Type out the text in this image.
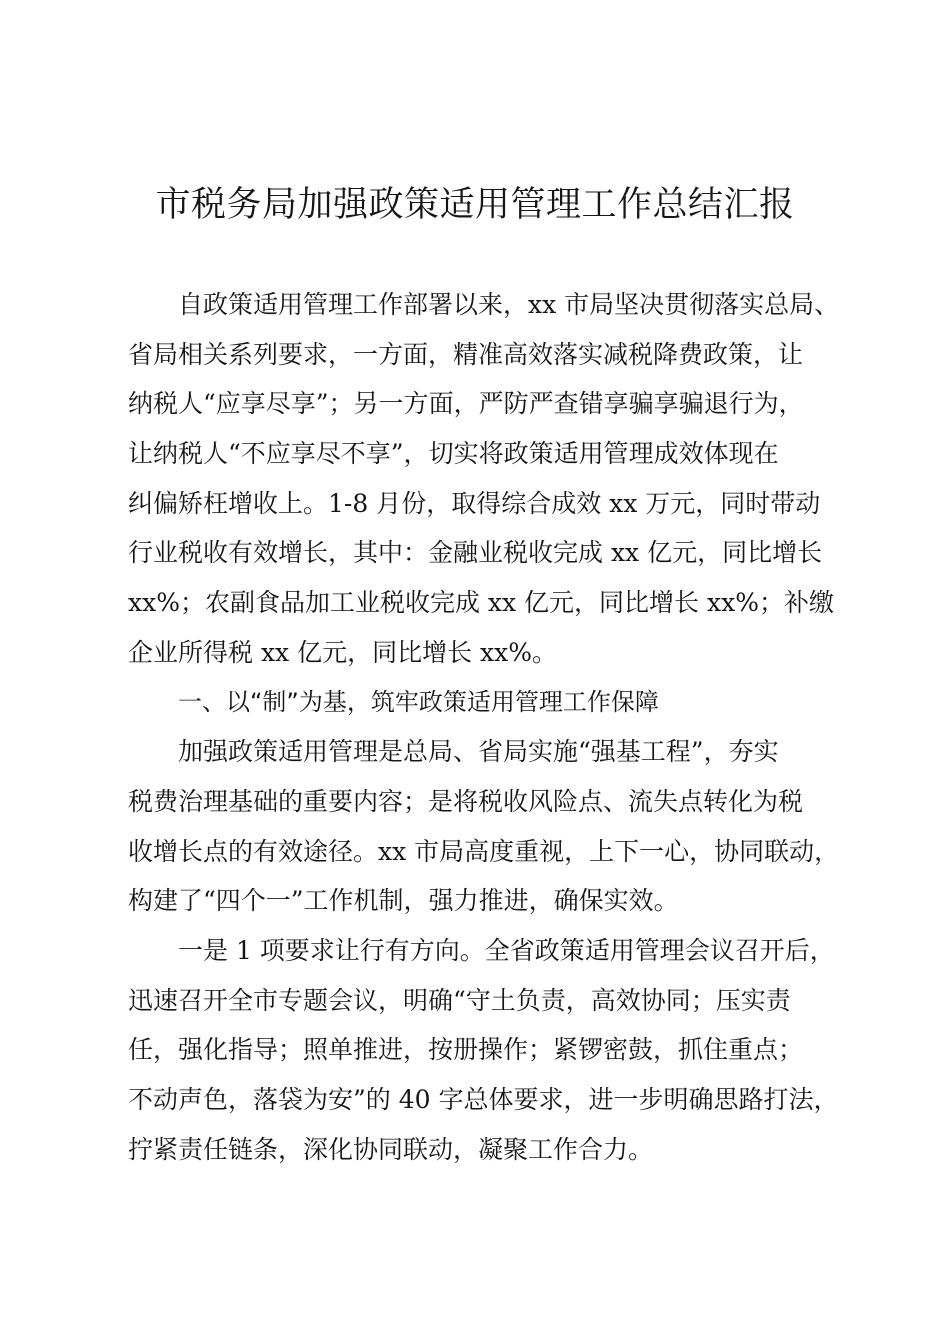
市税务局加强政策适用管理工作总结汇报
自政策适用管理工作部署以来，xx 市局坚决贯彻落实总局、
省局相关系列要求，一方面，精准高效落实减税降费政策，让
纳税人“应享尽享”；另一方面，严防严查错享骗享骗退行为，
让纳税人“不应享尽不享”，切实将政策适用管理成效体现在
纠偏矫枉增收上。1-8 月份，取得综合成效 xx 万元，同时带动
行业税收有效增长，其中：金融业税收完成 xx 亿元，同比增长
xx%；农副食品加工业税收完成 xx 亿元，同比增长 xx%；补缴
企业所得税 xx 亿元，同比增长 xx%。
一、以“制”为基，筑牢政策适用管理工作保障
加强政策适用管理是总局、省局实施“强基工程”，夯实
税费治理基础的重要内容；是将税收风险点、流失点转化为税
收增长点的有效途径。xx 市局高度重视，上下一心，协同联动，
构建了“四个一”工作机制，强力推进，确保实效。
一是 1 项要求让行有方向。全省政策适用管理会议召开后，
迅速召开全市专题会议，明确“守土负责，高效协同；压实责
任，强化指导；照单推进，按册操作；紧锣密鼓，抓住重点；
不动声色，落袋为安”的 40 字总体要求，进一步明确思路打法，
拧紧责任链条，深化协同联动，凝聚工作合力。
